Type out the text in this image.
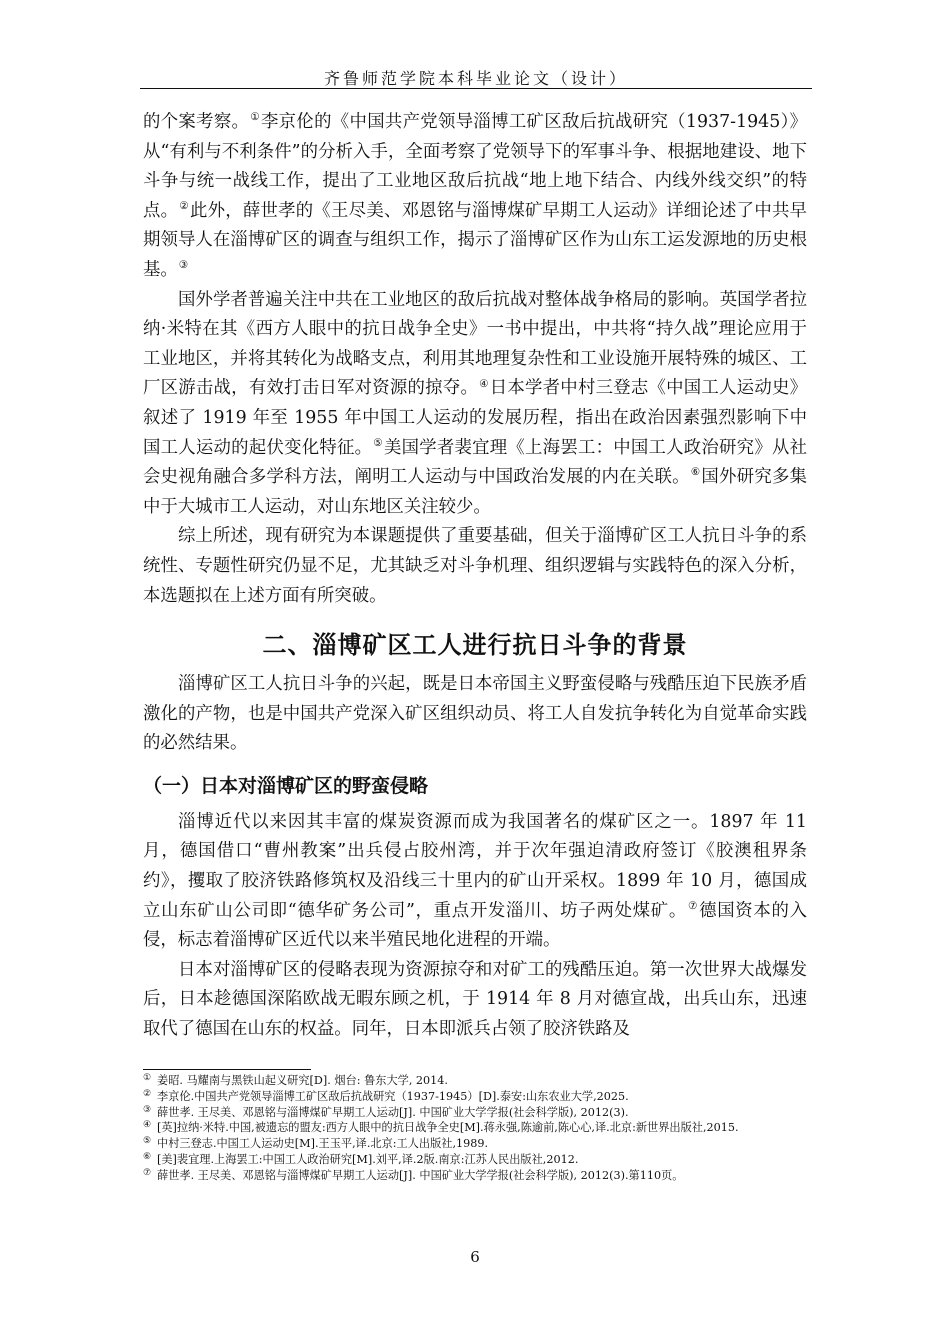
齐鲁师范学院本科毕业论文（设计）

的个案考察。①李京伦的《中国共产党领导淄博工矿区敌后抗战研究（1937-1945）》从“有利与不利条件”的分析入手，全面考察了党领导下的军事斗争、根据地建设、地下斗争与统一战线工作，提出了工业地区敌后抗战“地上地下结合、内线外线交织”的特点。②此外，薛世孝的《王尽美、邓恩铭与淄博煤矿早期工人运动》详细论述了中共早期领导人在淄博矿区的调查与组织工作，揭示了淄博矿区作为山东工运发源地的历史根基。③

国外学者普遍关注中共在工业地区的敌后抗战对整体战争格局的影响。英国学者拉纳·米特在其《西方人眼中的抗日战争全史》一书中提出，中共将“持久战”理论应用于工业地区，并将其转化为战略支点，利用其地理复杂性和工业设施开展特殊的城区、工厂区游击战，有效打击日军对资源的掠夺。④日本学者中村三登志《中国工人运动史》叙述了 1919 年至 1955 年中国工人运动的发展历程，指出在政治因素强烈影响下中国工人运动的起伏变化特征。⑤美国学者裴宜理《上海罢工：中国工人政治研究》从社会史视角融合多学科方法，阐明工人运动与中国政治发展的内在关联。⑥国外研究多集中于大城市工人运动，对山东地区关注较少。

综上所述，现有研究为本课题提供了重要基础，但关于淄博矿区工人抗日斗争的系统性、专题性研究仍显不足，尤其缺乏对斗争机理、组织逻辑与实践特色的深入分析，本选题拟在上述方面有所突破。

二、淄博矿区工人进行抗日斗争的背景

淄博矿区工人抗日斗争的兴起，既是日本帝国主义野蛮侵略与残酷压迫下民族矛盾激化的产物，也是中国共产党深入矿区组织动员、将工人自发抗争转化为自觉革命实践的必然结果。

（一）日本对淄博矿区的野蛮侵略

淄博近代以来因其丰富的煤炭资源而成为我国著名的煤矿区之一。1897 年 11 月，德国借口“曹州教案”出兵侵占胶州湾，并于次年强迫清政府签订《胶澳租界条约》，攫取了胶济铁路修筑权及沿线三十里内的矿山开采权。1899 年 10 月，德国成立山东矿山公司即“德华矿务公司”，重点开发淄川、坊子两处煤矿。⑦德国资本的入侵，标志着淄博矿区近代以来半殖民地化进程的开端。

日本对淄博矿区的侵略表现为资源掠夺和对矿工的残酷压迫。第一次世界大战爆发后，日本趁德国深陷欧战无暇东顾之机，于 1914 年 8 月对德宣战，出兵山东，迅速取代了德国在山东的权益。同年，日本即派兵占领了胶济铁路及

① 姜昭. 马耀南与黑铁山起义研究[D]. 烟台: 鲁东大学, 2014.
② 李京伦.中国共产党领导淄博工矿区敌后抗战研究（1937-1945）[D].泰安:山东农业大学,2025.
③ 薛世孝. 王尽美、邓恩铭与淄博煤矿早期工人运动[J]. 中国矿业大学学报(社会科学版), 2012(3).
④ [英]拉纳·米特.中国,被遗忘的盟友:西方人眼中的抗日战争全史[M].蒋永强,陈逾前,陈心心,译.北京:新世界出版社,2015.
⑤ 中村三登志.中国工人运动史[M].王玉平,译.北京:工人出版社,1989.
⑥ [美]裴宜理.上海罢工:中国工人政治研究[M].刘平,译.2版.南京:江苏人民出版社,2012.
⑦ 薛世孝. 王尽美、邓恩铭与淄博煤矿早期工人运动[J]. 中国矿业大学学报(社会科学版), 2012(3).第110页。
6
